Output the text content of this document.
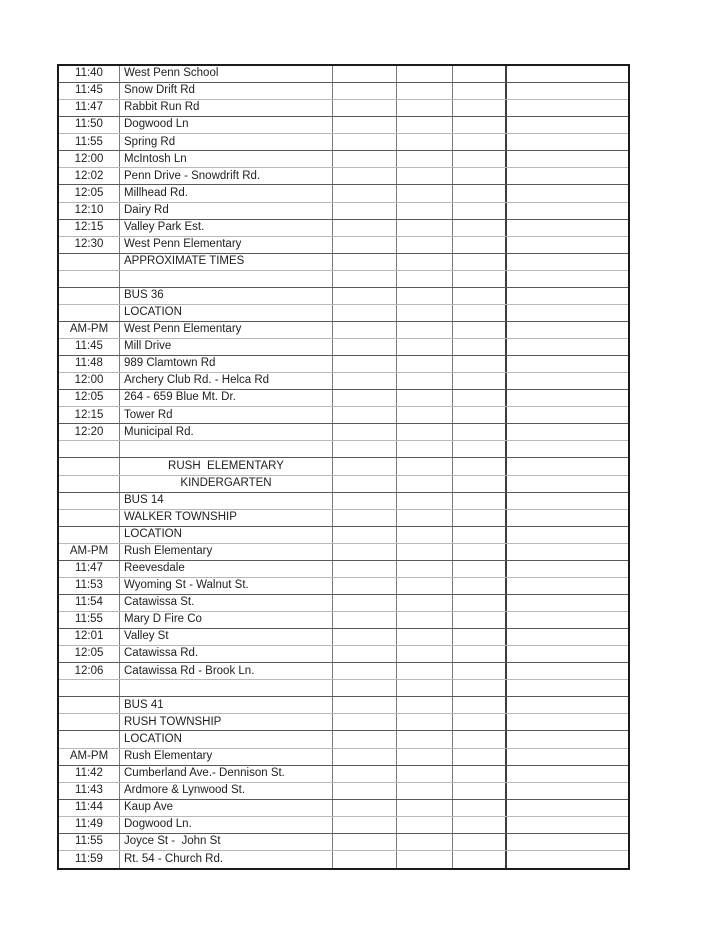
11:40	West Penn School
11:45	Snow Drift Rd
11:47	Rabbit Run Rd
11:50	Dogwood Ln
11:55	Spring Rd
12:00	McIntosh Ln
12:02	Penn Drive - Snowdrift Rd.
12:05	Millhead Rd.
12:10	Dairy Rd
12:15	Valley Park Est.
12:30	West Penn Elementary
APPROXIMATE TIMES
BUS 36
LOCATION
AM-PM	West Penn Elementary
11:45	Mill Drive
11:48	989 Clamtown Rd
12:00	Archery Club Rd. - Helca Rd
12:05	264 - 659 Blue Mt. Dr.
12:15	Tower Rd
12:20	Municipal Rd.
RUSH  ELEMENTARY
KINDERGARTEN
BUS 14
WALKER TOWNSHIP
LOCATION
AM-PM	Rush Elementary
11:47	Reevesdale
11:53	Wyoming St - Walnut St.
11:54	Catawissa St.
11:55	Mary D Fire Co
12:01	Valley St
12:05	Catawissa Rd.
12:06	Catawissa Rd - Brook Ln.
BUS 41
RUSH TOWNSHIP
LOCATION
AM-PM	Rush Elementary
11:42	Cumberland Ave.- Dennison St.
11:43	Ardmore & Lynwood St.
11:44	Kaup Ave
11:49	Dogwood Ln.
11:55	Joyce St -  John St
11:59	Rt. 54 - Church Rd.
